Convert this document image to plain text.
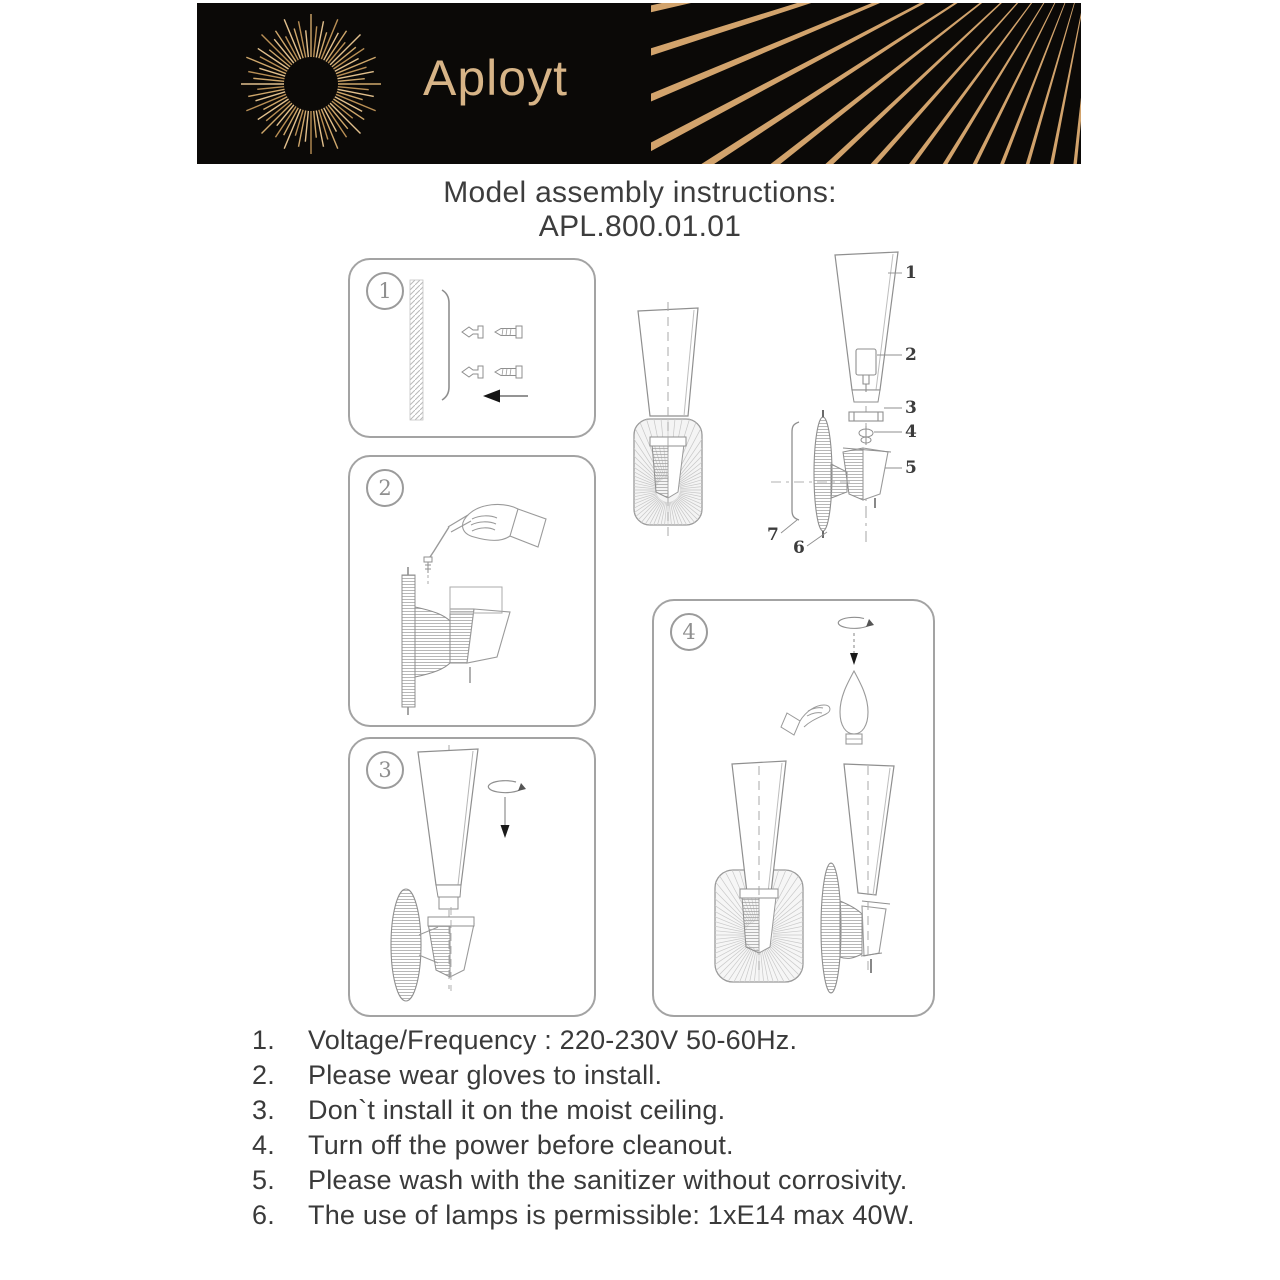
Aployt
Model assembly instructions:
APL.800.01.01
1
2
3
4
1
2
3
4
5
6
7
1.	Voltage/Frequency : 220-230V 50-60Hz.
2.	Please wear gloves to install.
3.	Don`t install it on the moist ceiling.
4.	Turn off the power before cleanout.
5.	Please wash with the sanitizer without corrosivity.
6.	The use of lamps is permissible: 1xE14 max 40W.
